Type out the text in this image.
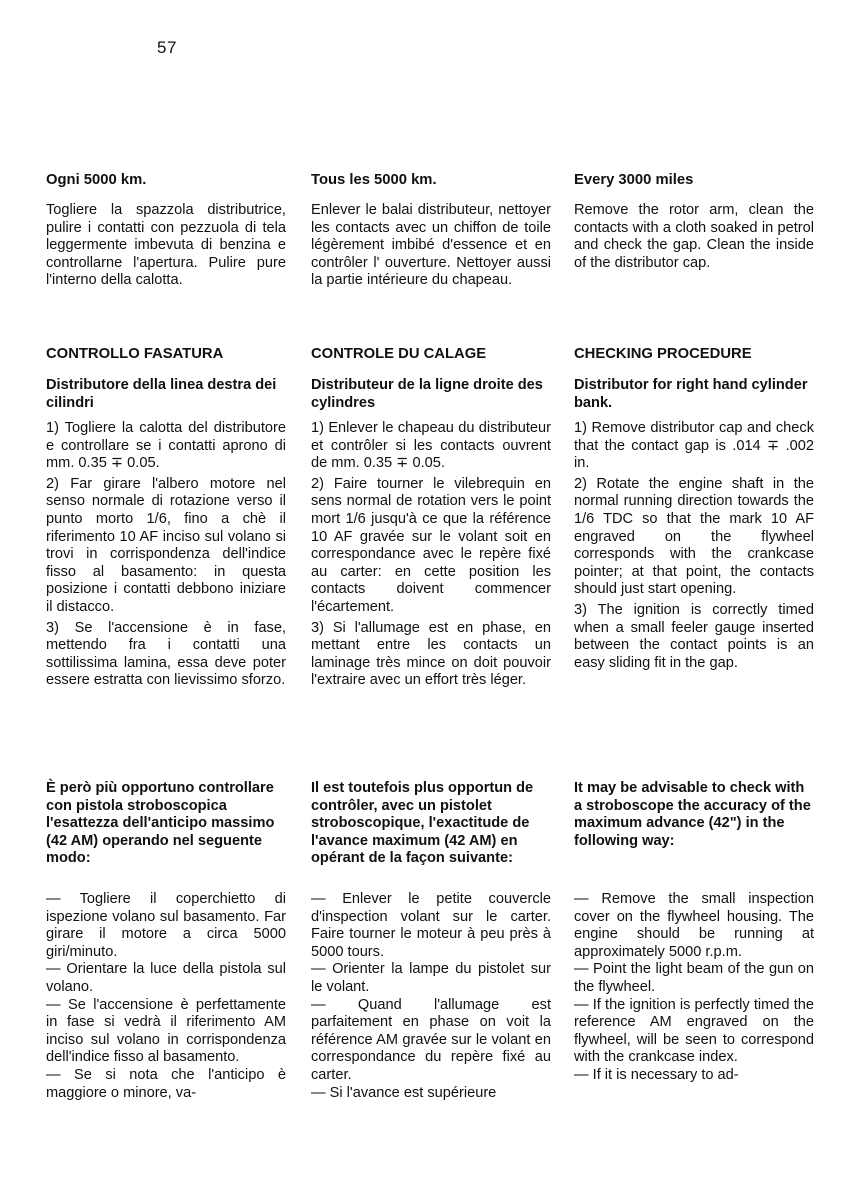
57
Ogni 5000 km.

Togliere la spazzola distributrice, pulire i contatti con pezzuola di tela leggermente imbevuta di benzina e controllarne l'apertura. Pulire pure l'interno della calotta.

CONTROLLO FASATURA
Distributore della linea destra dei cilindri

1) Togliere la calotta del distributore e controllare se i contatti aprono di mm. 0.35 ∓ 0.05.

2) Far girare l'albero motore nel senso normale di rotazione verso il punto morto 1/6, fino a chè il riferimento 10 AF inciso sul volano si trovi in corrispondenza dell'indice fisso al basamento: in questa posizione i contatti debbono iniziare il distacco.

3) Se l'accensione è in fase, mettendo fra i contatti una sottilissima lamina, essa deve poter essere estratta con lievissimo sforzo.

È però più opportuno controllare con pistola stroboscopica l'esattezza dell'anticipo massimo (42 AM) operando nel seguente modo:

— Togliere il coperchietto di ispezione volano sul basamento. Far girare il motore a circa 5000 giri/minuto.

— Orientare la luce della pistola sul volano.

— Se l'accensione è perfettamente in fase si vedrà il riferimento AM inciso sul volano in corrispondenza dell'indice fisso al basamento.

— Se si nota che l'anticipo è maggiore o minore, va-

Tous les 5000 km.

Enlever le balai distributeur, nettoyer les contacts avec un chiffon de toile légèrement imbibé d'essence et en contrôler l' ouverture. Nettoyer aussi la partie intérieure du chapeau.

CONTROLE DU CALAGE
Distributeur de la ligne droite des cylindres

1) Enlever le chapeau du distributeur et contrôler si les contacts ouvrent de mm. 0.35 ∓ 0.05.

2) Faire tourner le vilebrequin en sens normal de rotation vers le point mort 1/6 jusqu'à ce que la référence 10 AF gravée sur le volant soit en correspondance avec le repère fixé au carter: en cette position les contacts doivent commencer l'écartement.

3) Si l'allumage est en phase, en mettant entre les contacts un laminage très mince on doit pouvoir l'extraire avec un effort très léger.

Il est toutefois plus opportun de contrôler, avec un pistolet stroboscopique, l'exactitude de l'avance maximum (42 AM) en opérant de la façon suivante:

— Enlever le petite couvercle d'inspection volant sur le carter. Faire tourner le moteur à peu près à 5000 tours.

— Orienter la lampe du pistolet sur le volant.

— Quand l'allumage est parfaitement en phase on voit la référence AM gravée sur le volant en correspondance du repère fixé au carter.

— Si l'avance est supérieure

Every 3000 miles

Remove the rotor arm, clean the contacts with a cloth soaked in petrol and check the gap. Clean the inside of the distributor cap.

CHECKING PROCEDURE
Distributor for right hand cylinder bank.

1) Remove distributor cap and check that the contact gap is .014 ∓ .002 in.

2) Rotate the engine shaft in the normal running direction towards the 1/6 TDC so that the mark 10 AF engraved on the flywheel corresponds with the crankcase pointer; at that point, the contacts should just start opening.

3) The ignition is correctly timed when a small feeler gauge inserted between the contact points is an easy sliding fit in the gap.

It may be advisable to check with a stroboscope the accuracy of the maximum advance (42") in the following way:

— Remove the small inspection cover on the flywheel housing. The engine should be running at approximately 5000 r.p.m.

— Point the light beam of the gun on the flywheel.

— If the ignition is perfectly timed the reference AM engraved on the flywheel, will be seen to correspond with the crankcase index.

— If it is necessary to ad-
